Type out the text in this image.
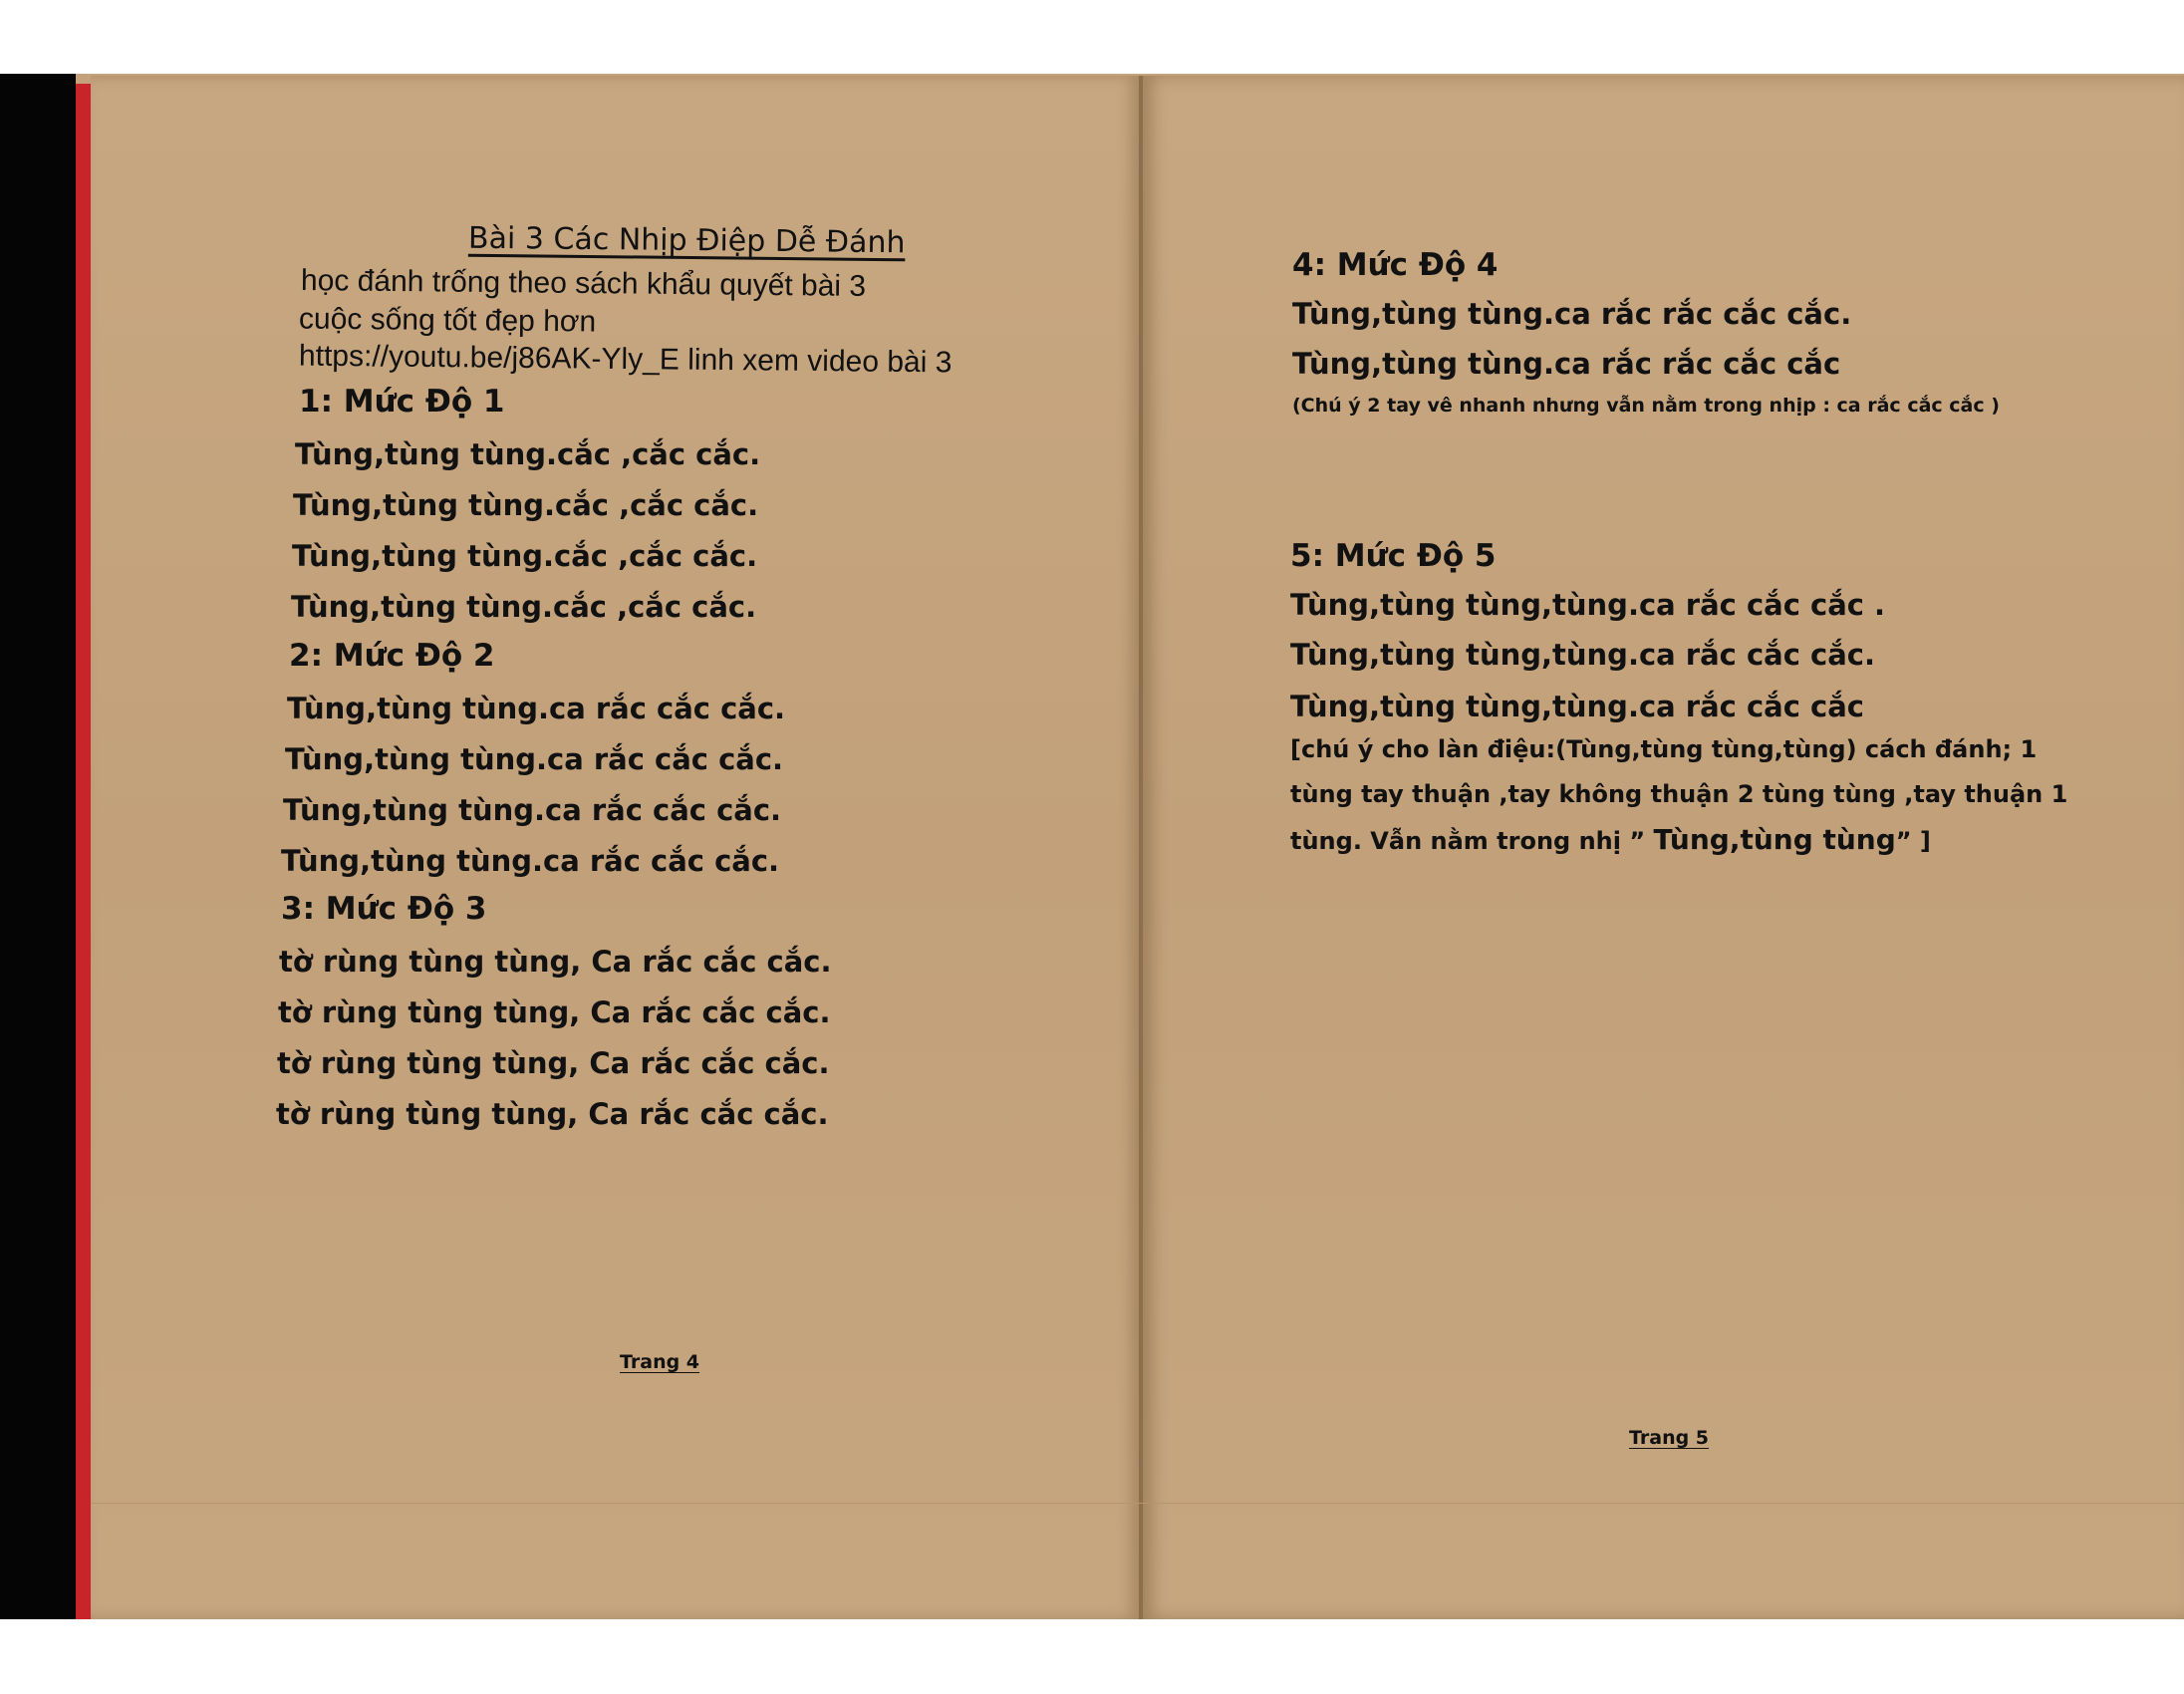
Bài 3 Các Nhịp Điệp Dễ Đánh
học đánh trống theo sách khẩu quyết bài 3
cuộc sống tốt đẹp hơn
https://youtu.be/j86AK-Yly_E linh xem video bài 3
1: Mức Độ 1
Tùng,tùng tùng.cắc ,cắc cắc.
Tùng,tùng tùng.cắc ,cắc cắc.
Tùng,tùng tùng.cắc ,cắc cắc.
Tùng,tùng tùng.cắc ,cắc cắc.
2: Mức Độ 2
Tùng,tùng tùng.ca rắc cắc cắc.
Tùng,tùng tùng.ca rắc cắc cắc.
Tùng,tùng tùng.ca rắc cắc cắc.
Tùng,tùng tùng.ca rắc cắc cắc.
3: Mức Độ 3
tờ rùng tùng tùng, Ca rắc cắc cắc.
tờ rùng tùng tùng, Ca rắc cắc cắc.
tờ rùng tùng tùng, Ca rắc cắc cắc.
tờ rùng tùng tùng, Ca rắc cắc cắc.
Trang 4
4: Mức Độ 4
Tùng,tùng tùng.ca rắc rắc cắc cắc.
Tùng,tùng tùng.ca rắc rắc cắc cắc
(Chú ý 2 tay vê nhanh nhưng vẫn nằm trong nhịp : ca rắc cắc cắc )
5: Mức Độ 5
Tùng,tùng tùng,tùng.ca rắc cắc cắc .
Tùng,tùng tùng,tùng.ca rắc cắc cắc.
Tùng,tùng tùng,tùng.ca rắc cắc cắc
[chú ý cho làn điệu:(Tùng,tùng tùng,tùng) cách đánh; 1
tùng tay thuận ,tay không thuận 2 tùng tùng ,tay thuận 1
tùng. Vẫn nằm trong nhị ” Tùng,tùng tùng” ]
Trang 5
